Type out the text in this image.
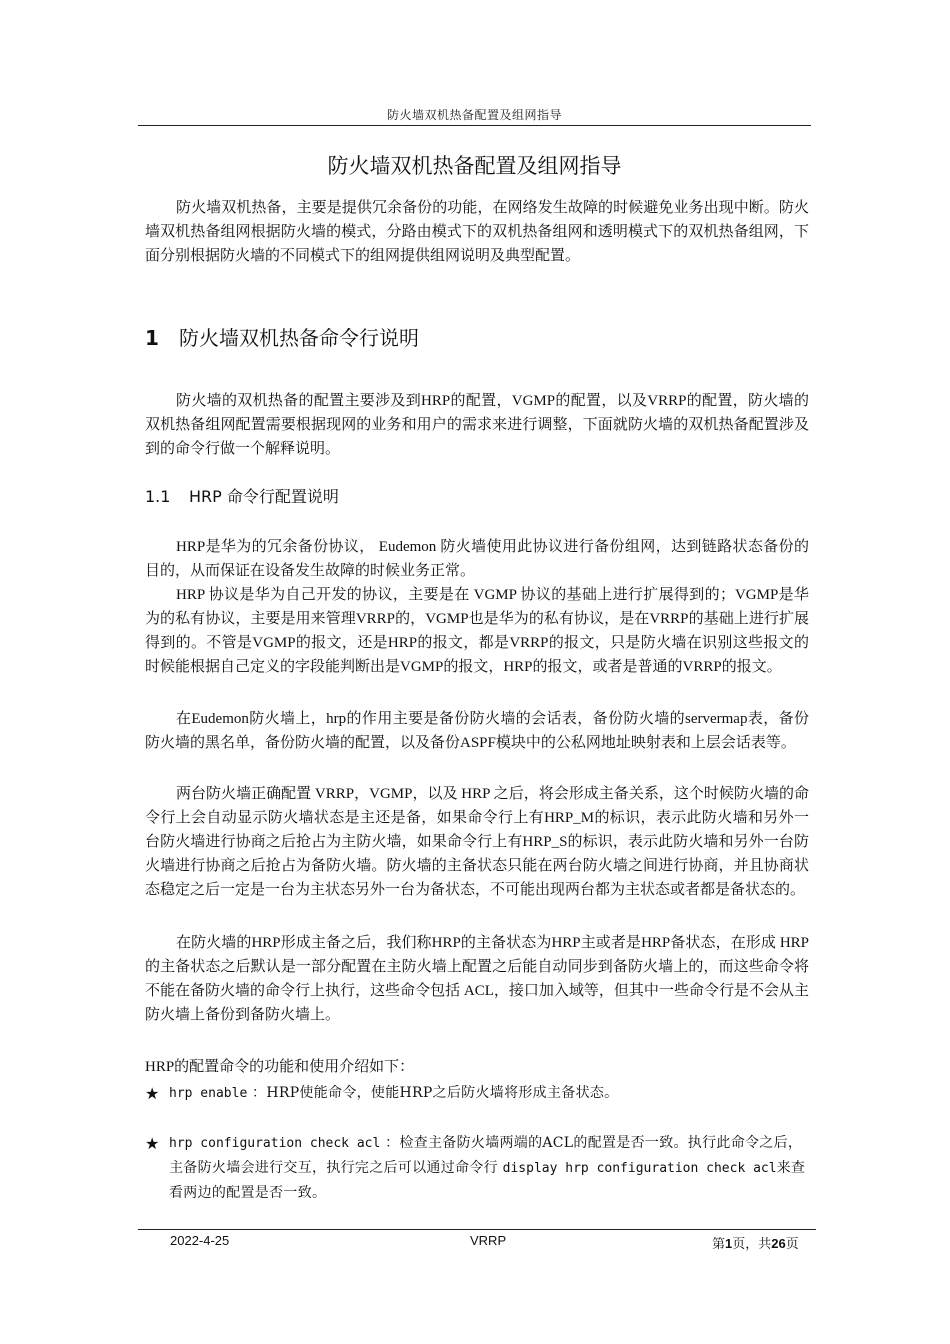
防火墙双机热备配置及组网指导
防火墙双机热备配置及组网指导

防火墙双机热备，主要是提供冗余备份的功能，在网络发生故障的时候避免业务出现中断。防火墙双机热备组网根据防火墙的模式，分路由模式下的双机热备组网和透明模式下的双机热备组网，下面分别根据防火墙的不同模式下的组网提供组网说明及典型配置。

1 防火墙双机热备命令行说明

防火墙的双机热备的配置主要涉及到HRP的配置，VGMP的配置，以及VRRP的配置，防火墙的双机热备组网配置需要根据现网的业务和用户的需求来进行调整，下面就防火墙的双机热备配置涉及到的命令行做一个解释说明。

1.1 HRP 命令行配置说明

HRP是华为的冗余备份协议， Eudemon 防火墙使用此协议进行备份组网，达到链路状态备份的目的，从而保证在设备发生故障的时候业务正常。

HRP 协议是华为自己开发的协议，主要是在 VGMP 协议的基础上进行扩展得到的；VGMP是华为的私有协议，主要是用来管理VRRP的，VGMP也是华为的私有协议，是在VRRP的基础上进行扩展得到的。不管是VGMP的报文，还是HRP的报文，都是VRRP的报文，只是防火墙在识别这些报文的时候能根据自己定义的字段能判断出是VGMP的报文，HRP的报文，或者是普通的VRRP的报文。

在Eudemon防火墙上，hrp的作用主要是备份防火墙的会话表，备份防火墙的servermap表，备份防火墙的黑名单，备份防火墙的配置，以及备份ASPF模块中的公私网地址映射表和上层会话表等。

两台防火墙正确配置 VRRP，VGMP，以及 HRP 之后，将会形成主备关系，这个时候防火墙的命令行上会自动显示防火墙状态是主还是备，如果命令行上有HRP_M的标识，表示此防火墙和另外一台防火墙进行协商之后抢占为主防火墙，如果命令行上有HRP_S的标识，表示此防火墙和另外一台防火墙进行协商之后抢占为备防火墙。防火墙的主备状态只能在两台防火墙之间进行协商，并且协商状态稳定之后一定是一台为主状态另外一台为备状态，不可能出现两台都为主状态或者都是备状态的。

在防火墙的HRP形成主备之后，我们称HRP的主备状态为HRP主或者是HRP备状态，在形成 HRP 的主备状态之后默认是一部分配置在主防火墙上配置之后能自动同步到备防火墙上的，而这些命令将不能在备防火墙的命令行上执行，这些命令包括 ACL，接口加入域等，但其中一些命令行是不会从主防火墙上备份到备防火墙上。

HRP的配置命令的功能和使用介绍如下：

★ hrp enable ：HRP使能命令，使能HRP之后防火墙将形成主备状态。
★ hrp configuration check acl ：检查主备防火墙两端的ACL的配置是否一致。执行此命令之后，主备防火墙会进行交互，执行完之后可以通过命令行 display hrp configuration check acl来查看两边的配置是否一致。
2022-4-25	VRRP	第1页，共26页
